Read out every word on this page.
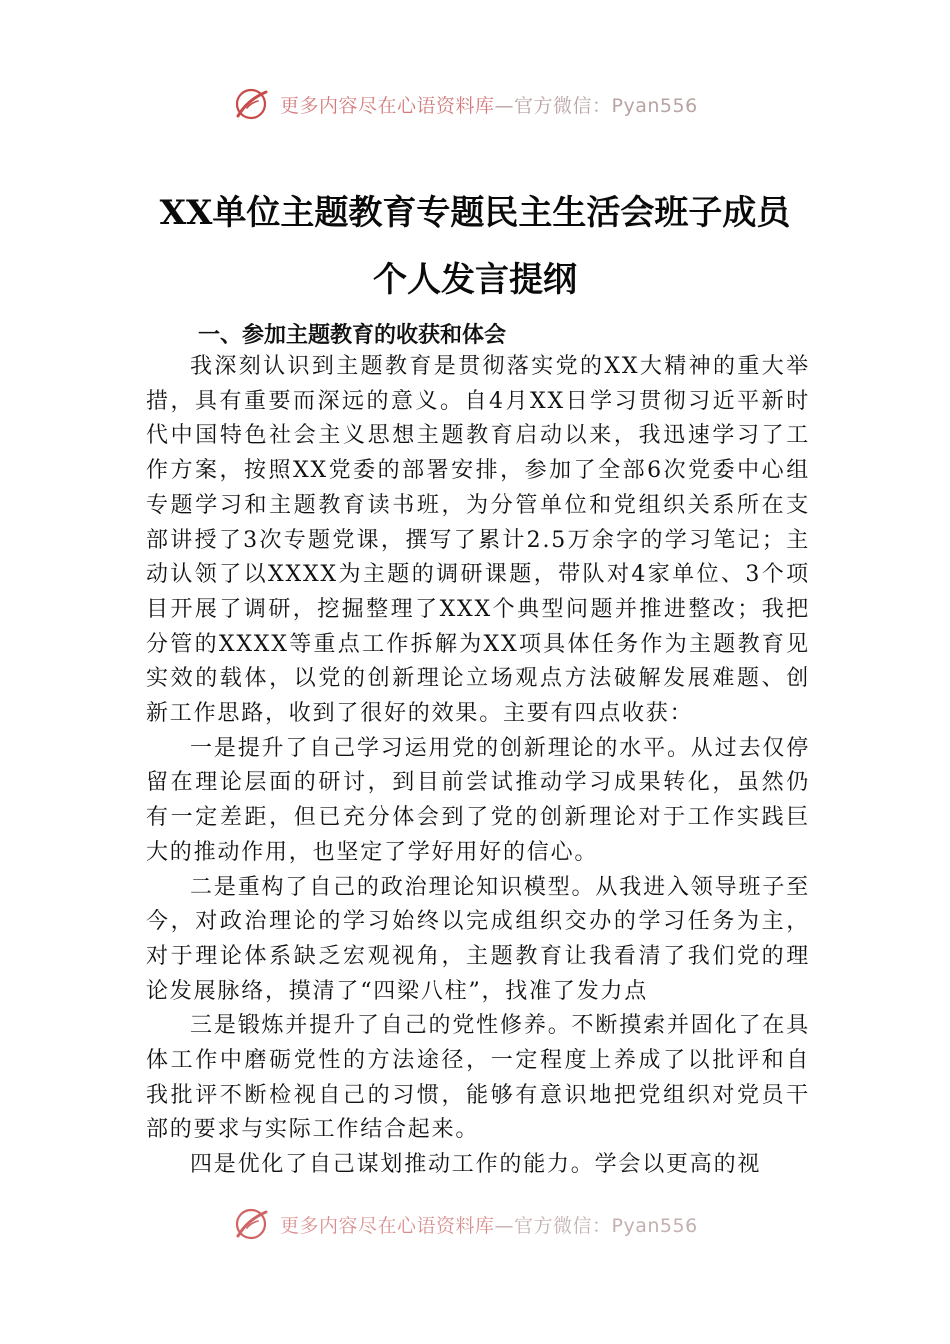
更多内容尽在心语资料库—官方微信：Pyan556
XX单位主题教育专题民主生活会班子成员
个人发言提纲
一、参加主题教育的收获和体会

我深刻认识到主题教育是贯彻落实党的XX大精神的重大举措，具有重要而深远的意义。自4月XX日学习贯彻习近平新时代中国特色社会主义思想主题教育启动以来，我迅速学习了工作方案，按照XX党委的部署安排，参加了全部6次党委中心组专题学习和主题教育读书班，为分管单位和党组织关系所在支部讲授了3次专题党课，撰写了累计2.5万余字的学习笔记；主动认领了以XXXX为主题的调研课题，带队对4家单位、3个项目开展了调研，挖掘整理了XXX个典型问题并推进整改；我把分管的XXXX等重点工作拆解为XX项具体任务作为主题教育见实效的载体，以党的创新理论立场观点方法破解发展难题、创新工作思路，收到了很好的效果。主要有四点收获：

一是提升了自己学习运用党的创新理论的水平。从过去仅停留在理论层面的研讨，到目前尝试推动学习成果转化，虽然仍有一定差距，但已充分体会到了党的创新理论对于工作实践巨大的推动作用，也坚定了学好用好的信心。

二是重构了自己的政治理论知识模型。从我进入领导班子至今，对政治理论的学习始终以完成组织交办的学习任务为主，对于理论体系缺乏宏观视角，主题教育让我看清了我们党的理论发展脉络，摸清了“四梁八柱”，找准了发力点

三是锻炼并提升了自己的党性修养。不断摸索并固化了在具体工作中磨砺党性的方法途径，一定程度上养成了以批评和自我批评不断检视自己的习惯，能够有意识地把党组织对党员干部的要求与实际工作结合起来。

四是优化了自己谋划推动工作的能力。学会以更高的视

更多内容尽在心语资料库—官方微信：Pyan556
